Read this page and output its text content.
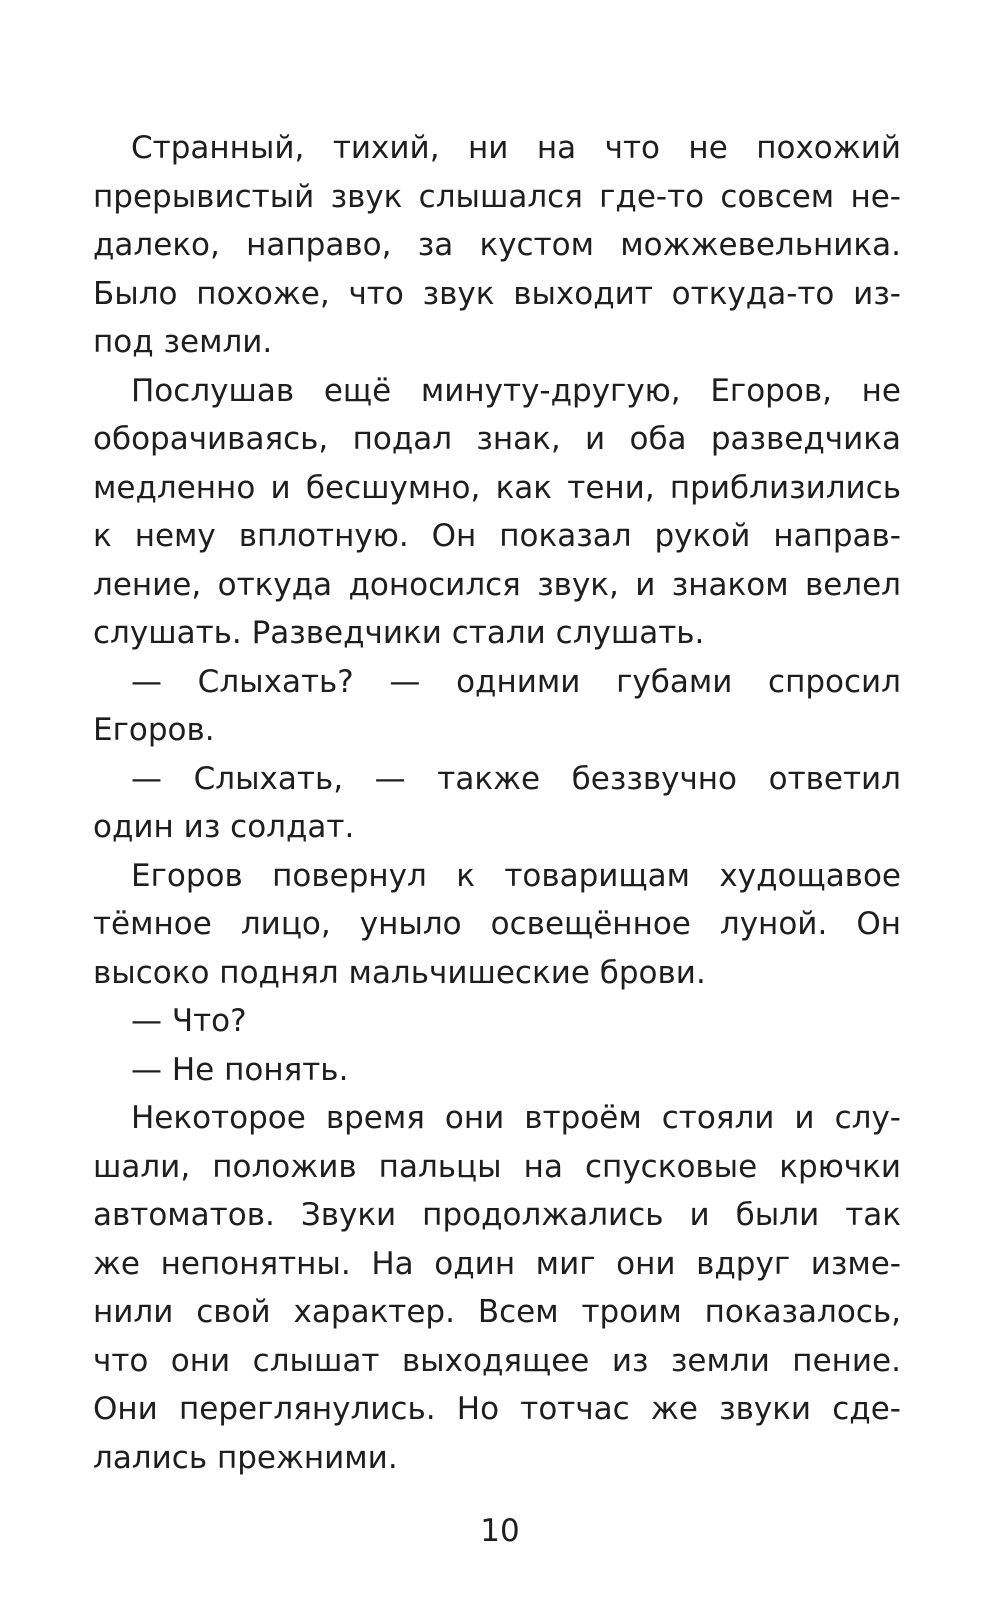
Странный, тихий, ни на что не похожий
прерывистый звук слышался где-то совсем не-
далеко, направо, за кустом можжевельника.
Было похоже, что звук выходит откуда-то из-
под земли.
Послушав ещё минуту-другую, Егоров, не
оборачиваясь, подал знак, и оба разведчика
медленно и бесшумно, как тени, приблизились
к нему вплотную. Он показал рукой направ-
ление, откуда доносился звук, и знаком велел
слушать. Разведчики стали слушать.
— Слыхать? — одними губами спросил
Егоров.
— Слыхать, — также беззвучно ответил
один из солдат.
Егоров повернул к товарищам худощавое
тёмное лицо, уныло освещённое луной. Он
высоко поднял мальчишеские брови.
— Что?
— Не понять.
Некоторое время они втроём стояли и слу-
шали, положив пальцы на спусковые крючки
автоматов. Звуки продолжались и были так
же непонятны. На один миг они вдруг изме-
нили свой характер. Всем троим показалось,
что они слышат выходящее из земли пение.
Они переглянулись. Но тотчас же звуки сде-
лались прежними.
10
